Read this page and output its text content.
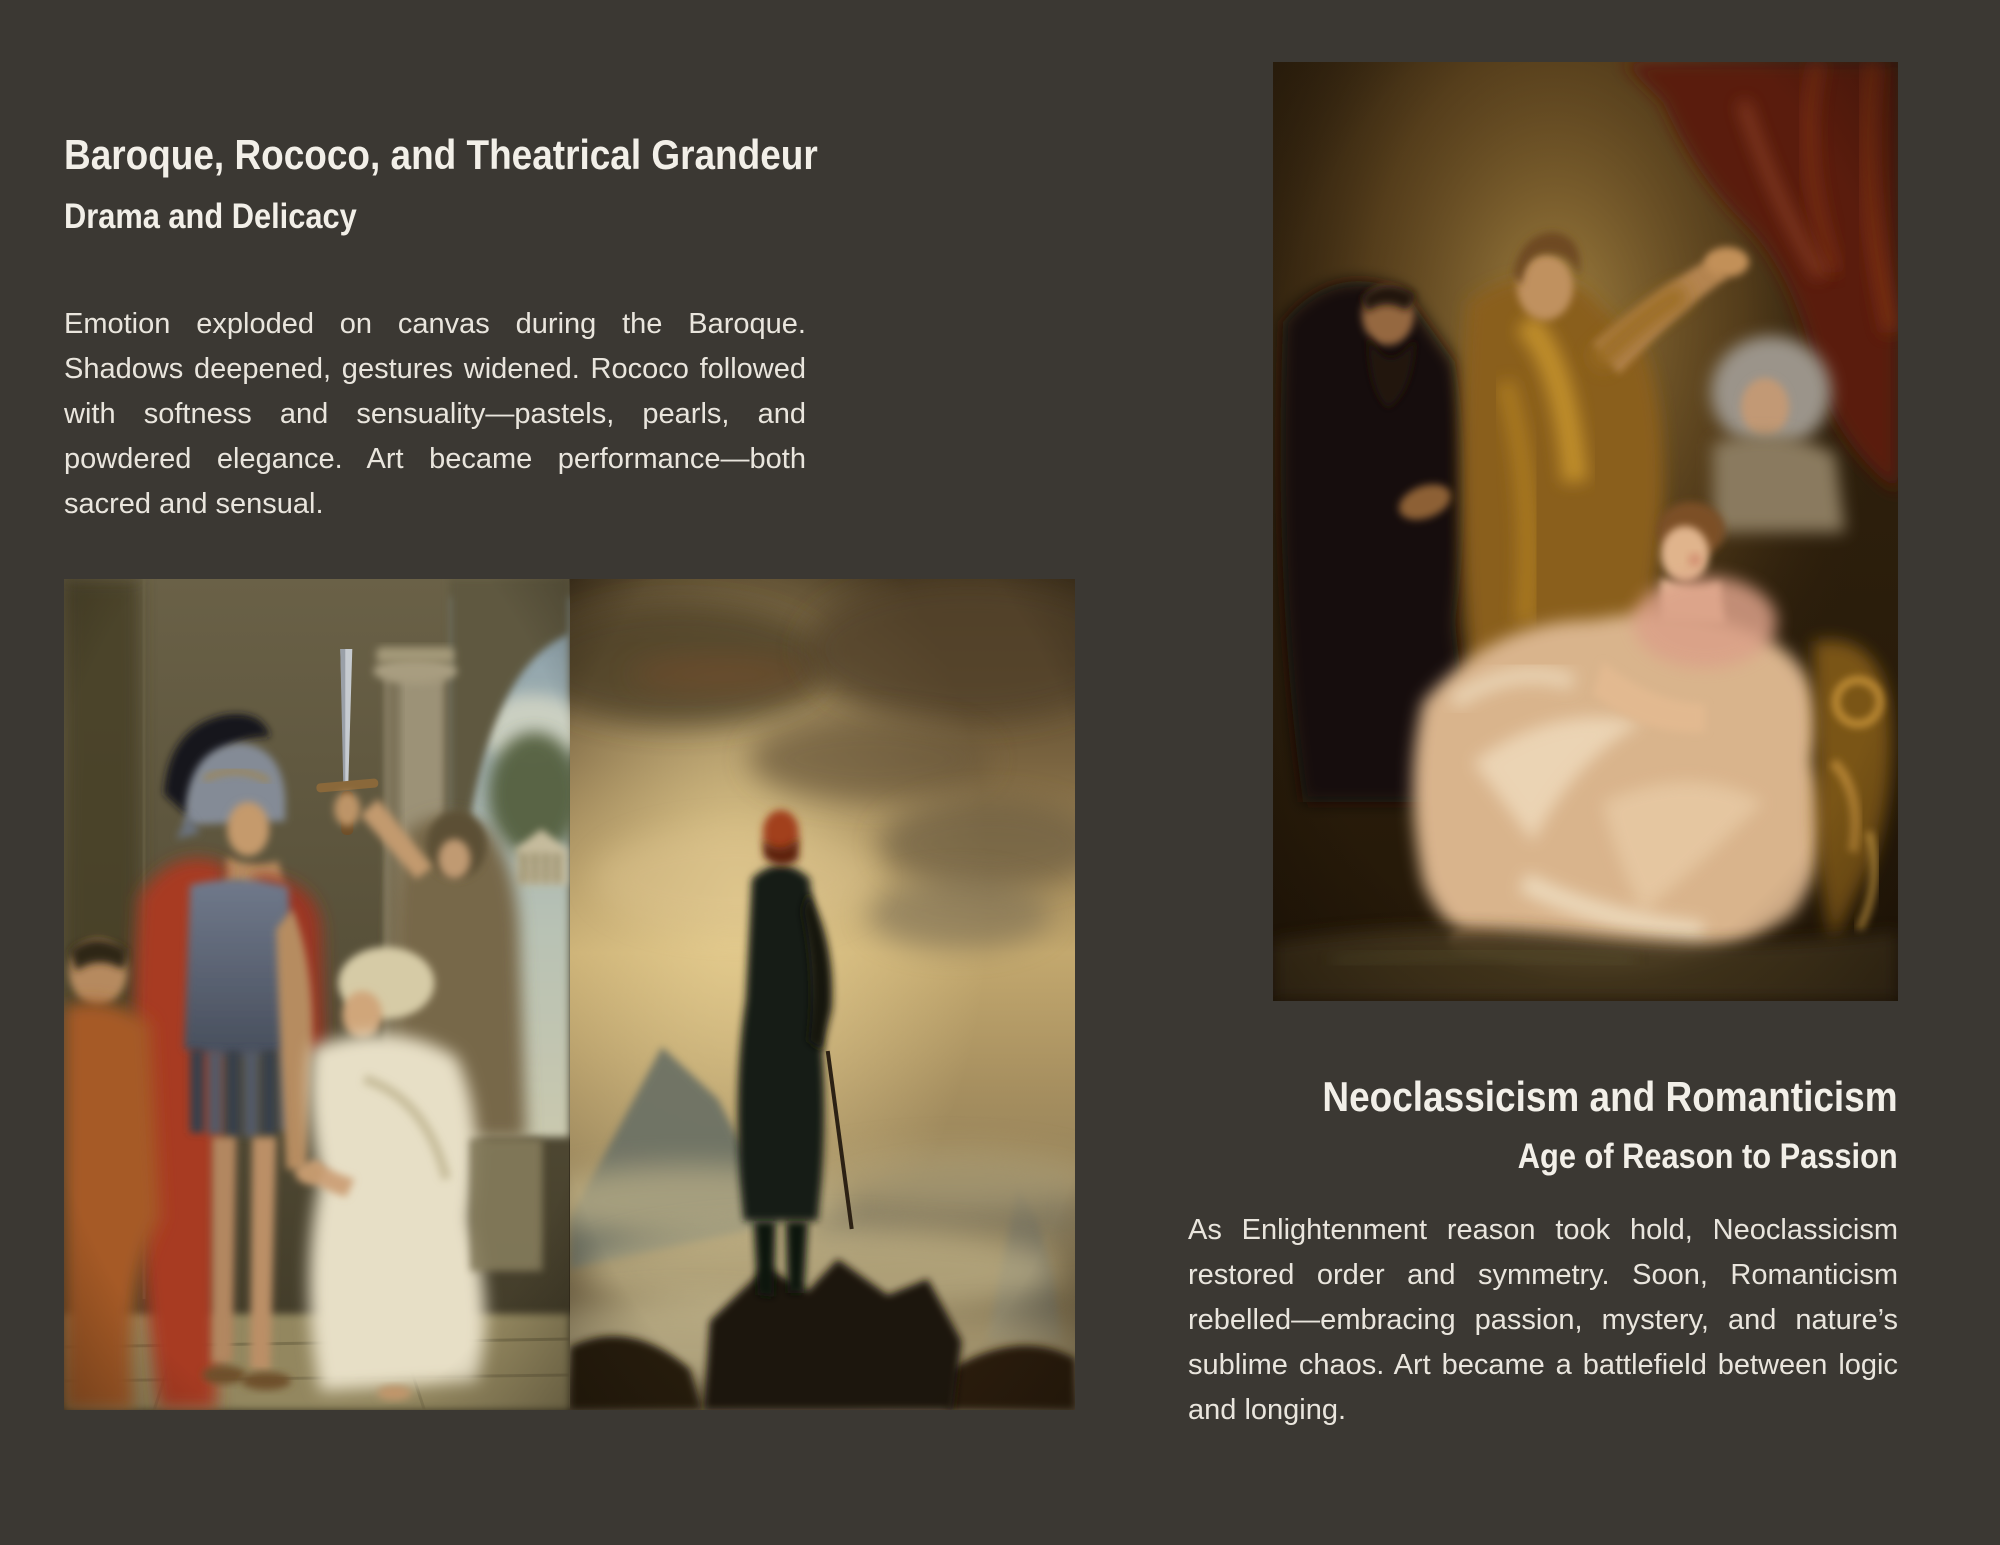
Baroque, Rococo, and Theatrical Grandeur
Drama and Delicacy
Emotion exploded on canvas during the Baroque. Shadows deepened, gestures widened. Rococo followed with softness and sensuality—pastels, pearls, and powdered elegance. Art became performance—both sacred and sensual.
Neoclassicism and Romanticism
Age of Reason to Passion
As Enlightenment reason took hold, Neoclassicism restored order and symmetry. Soon, Romanticism rebelled—embracing passion, mystery, and nature’s sublime chaos. Art became a battlefield between logic and longing.
